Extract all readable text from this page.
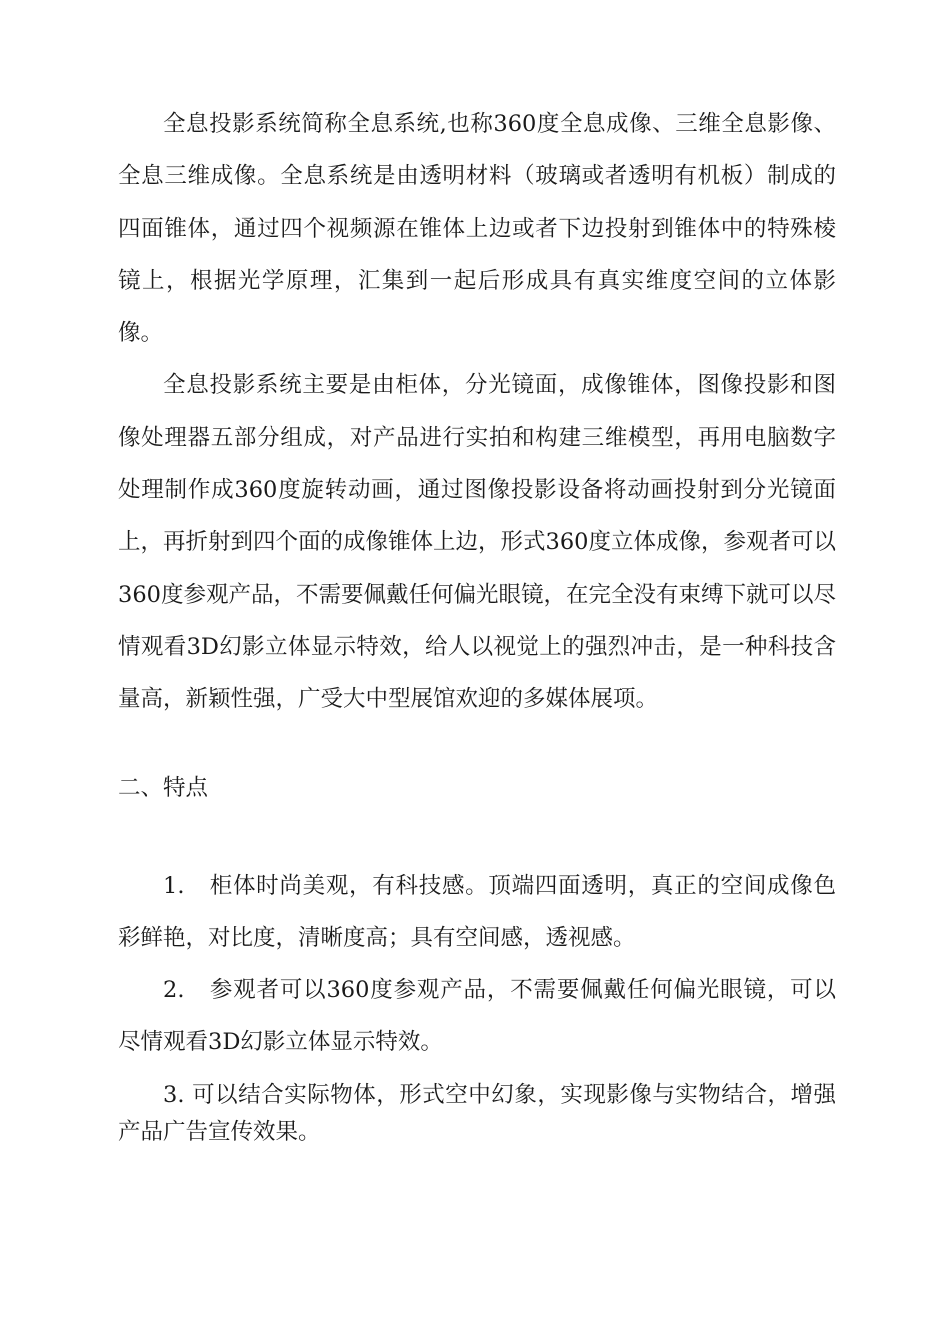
全息投影系统简称全息系统,也称360度全息成像、三维全息影像、全息三维成像。全息系统是由透明材料（玻璃或者透明有机板）制成的四面锥体，通过四个视频源在锥体上边或者下边投射到锥体中的特殊棱镜上，根据光学原理，汇集到一起后形成具有真实维度空间的立体影像。

全息投影系统主要是由柜体，分光镜面，成像锥体，图像投影和图像处理器五部分组成，对产品进行实拍和构建三维模型，再用电脑数字处理制作成360度旋转动画，通过图像投影设备将动画投射到分光镜面上，再折射到四个面的成像锥体上边，形式360度立体成像，参观者可以360度参观产品，不需要佩戴任何偏光眼镜，在完全没有束缚下就可以尽情观看3D幻影立体显示特效，给人以视觉上的强烈冲击，是一种科技含量高，新颖性强，广受大中型展馆欢迎的多媒体展项。

二、特点

1. 柜体时尚美观，有科技感。顶端四面透明，真正的空间成像色彩鲜艳，对比度，清晰度高；具有空间感，透视感。

2. 参观者可以360度参观产品，不需要佩戴任何偏光眼镜，可以尽情观看3D幻影立体显示特效。

3. 可以结合实际物体，形式空中幻象，实现影像与实物结合，增强产品广告宣传效果。
